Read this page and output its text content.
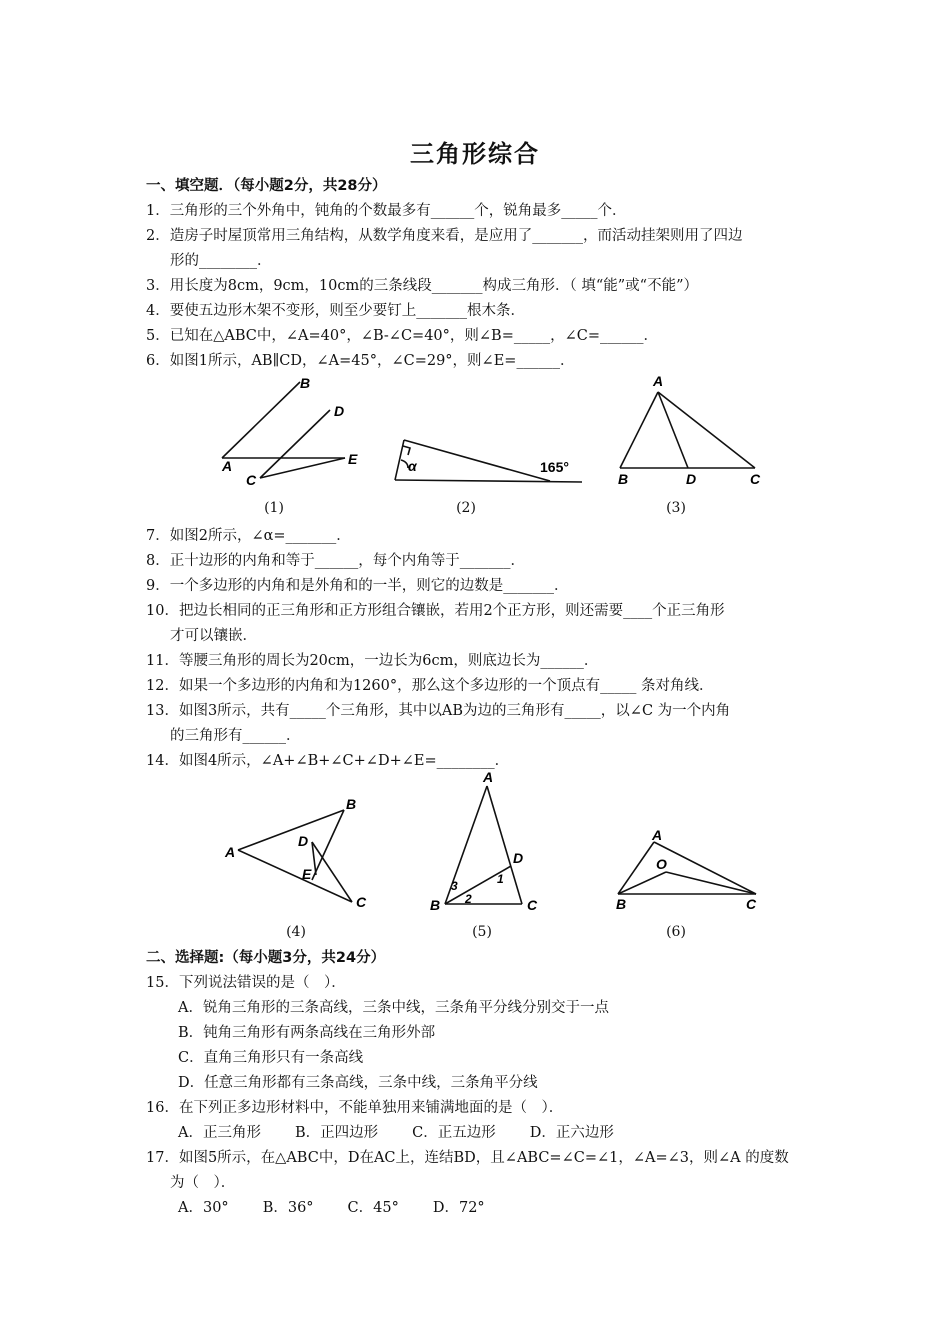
三角形综合
一、填空题．（每小题2分，共28分）
1．三角形的三个外角中，钝角的个数最多有______个，锐角最多_____个．
2．造房子时屋顶常用三角结构，从数学角度来看，是应用了_______，而活动挂架则用了四边
形的________．
3．用长度为8cm，9cm，10cm的三条线段_______构成三角形．（ 填“能”或“不能”）
4．要使五边形木架不变形，则至少要钉上_______根木条．
5．已知在△ABC中，∠A=40°，∠B-∠C=40°，则∠B=_____，∠C=______．
6．如图1所示，AB∥CD，∠A=45°，∠C=29°，则∠E=______．
B
D
A	E
C
α	165°
A
B	D	C
(1)	(2)	(3)
7．如图2所示，∠α=_______．
8．正十边形的内角和等于______，每个内角等于_______．
9．一个多边形的内角和是外角和的一半，则它的边数是_______．
10．把边长相同的正三角形和正方形组合镶嵌，若用2个正方形，则还需要____个正三角形
才可以镶嵌．
11．等腰三角形的周长为20cm，一边长为6cm，则底边长为______．
12．如果一个多边形的内角和为1260°，那么这个多边形的一个顶点有_____ 条对角线．
13．如图3所示，共有_____个三角形，其中以AB为边的三角形有_____，以∠C 为一个内角
的三角形有______．
14．如图4所示，∠A+∠B+∠C+∠D+∠E=________．
B
A
D
E
C
A
D
1
3
2
B	C
A
O
B	C
(4)	(5)	(6)
二、选择题:（每小题3分，共24分）
15．下列说法错误的是（　）．
A．锐角三角形的三条高线，三条中线，三条角平分线分别交于一点
B．钝角三角形有两条高线在三角形外部
C．直角三角形只有一条高线
D．任意三角形都有三条高线，三条中线，三条角平分线
16．在下列正多边形材料中，不能单独用来铺满地面的是（　）．
A．正三角形 B．正四边形 C．正五边形 D．正六边形
17．如图5所示，在△ABC中，D在AC上，连结BD，且∠ABC=∠C=∠1，∠A=∠3，则∠A 的度数
为（　）．
A．30° B．36° C．45° D．72°
